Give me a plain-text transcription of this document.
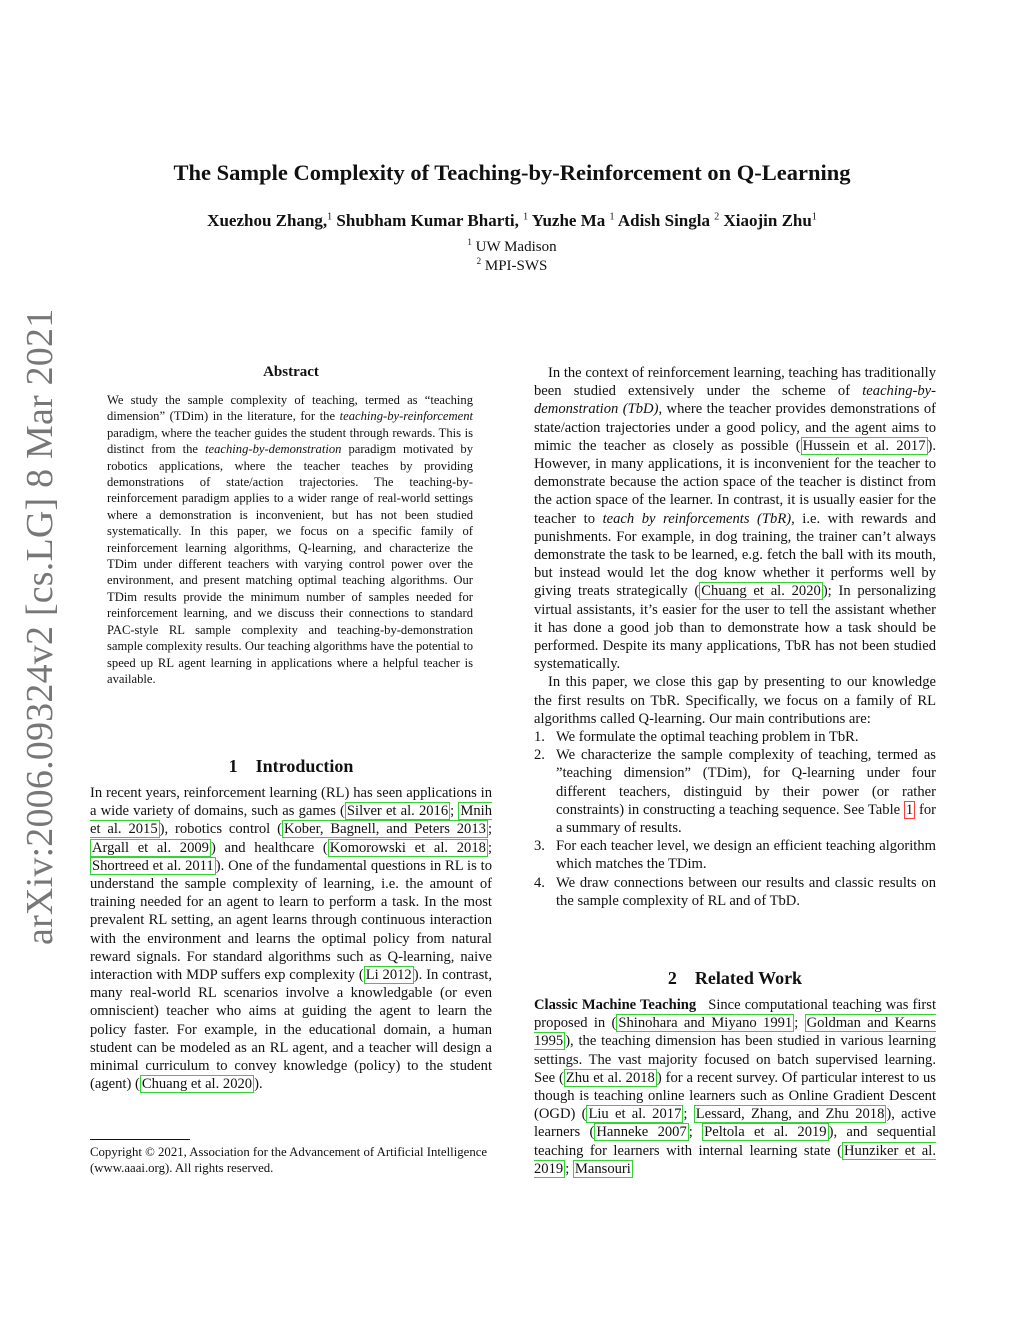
arXiv:2006.09324v2 [cs.LG] 8 Mar 2021
The Sample Complexity of Teaching-by-Reinforcement on Q-Learning
Xuezhou Zhang,$^1$ Shubham Kumar Bharti, $^1$ Yuzhe Ma $^1$ Adish Singla $^2$ Xiaojin Zhu$^1$
$^1$ UW Madison
$^2$ MPI-SWS
Abstract
We study the sample complexity of teaching, termed as “teaching dimension” (TDim) in the literature, for the teaching-by-reinforcement paradigm, where the teacher guides the student through rewards. This is distinct from the teaching-by-demonstration paradigm motivated by robotics applications, where the teacher teaches by providing demonstrations of state/action trajectories. The teaching-by-reinforcement paradigm applies to a wider range of real-world settings where a demonstration is inconvenient, but has not been studied systematically. In this paper, we focus on a specific family of reinforcement learning algorithms, Q-learning, and characterize the TDim under different teachers with varying control power over the environment, and present matching optimal teaching algorithms. Our TDim results provide the minimum number of samples needed for reinforcement learning, and we discuss their connections to standard PAC-style RL sample complexity and teaching-by-demonstration sample complexity results. Our teaching algorithms have the potential to speed up RL agent learning in applications where a helpful teacher is available.
1 Introduction

In recent years, reinforcement learning (RL) has seen applications in a wide variety of domains, such as games ( Silver et al. 2016 ; Mnih et al. 2015 ), robotics control ( Kober, Bagnell, and Peters 2013 ; Argall et al. 2009 ) and healthcare ( Komorowski et al. 2018 ; Shortreed et al. 2011 ). One of the fundamental questions in RL is to understand the sample complexity of learning, i.e. the amount of training needed for an agent to learn to perform a task. In the most prevalent RL setting, an agent learns through continuous interaction with the environment and learns the optimal policy from natural reward signals. For standard algorithms such as Q-learning, naive interaction with MDP suffers exp complexity ( Li 2012 ). In contrast, many real-world RL scenarios involve a knowledgable (or even omniscient) teacher who aims at guiding the agent to learn the policy faster. For example, in the educational domain, a human student can be modeled as an RL agent, and a teacher will design a minimal curriculum to convey knowledge (policy) to the student (agent) ( Chuang et al. 2020 ).

Copyright © 2021, Association for the Advancement of Artificial Intelligence (www.aaai.org). All rights reserved.

In the context of reinforcement learning, teaching has traditionally been studied extensively under the scheme of teaching-by-demonstration (TbD), where the teacher provides demonstrations of state/action trajectories under a good policy, and the agent aims to mimic the teacher as closely as possible ( Hussein et al. 2017 ). However, in many applications, it is inconvenient for the teacher to demonstrate because the action space of the teacher is distinct from the action space of the learner. In contrast, it is usually easier for the teacher to teach by reinforcements (TbR), i.e. with rewards and punishments. For example, in dog training, the trainer can’t always demonstrate the task to be learned, e.g. fetch the ball with its mouth, but instead would let the dog know whether it performs well by giving treats strategically ( Chuang et al. 2020 ); In personalizing virtual assistants, it’s easier for the user to tell the assistant whether it has done a good job than to demonstrate how a task should be performed. Despite its many applications, TbR has not been studied systematically.

In this paper, we close this gap by presenting to our knowledge the first results on TbR. Specifically, we focus on a family of RL algorithms called Q-learning. Our main contributions are:

1. We formulate the optimal teaching problem in TbR.
2. We characterize the sample complexity of teaching, termed as ”teaching dimension” (TDim), for Q-learning under four different teachers, distinguid by their power (or rather constraints) in constructing a teaching sequence. See Table 1 for a summary of results.
3. For each teacher level, we design an efficient teaching algorithm which matches the TDim.
4. We draw connections between our results and classic results on the sample complexity of RL and of TbD.
2 Related Work

Classic Machine Teaching Since computational teaching was first proposed in ( Shinohara and Miyano 1991 ; Goldman and Kearns 1995 ), the teaching dimension has been studied in various learning settings. The vast majority focused on batch supervised learning. See ( Zhu et al. 2018 ) for a recent survey. Of particular interest to us though is teaching online learners such as Online Gradient Descent (OGD) ( Liu et al. 2017 ; Lessard, Zhang, and Zhu 2018 ), active learners ( Hanneke 2007 ; Peltola et al. 2019 ), and sequential teaching for learners with internal learning state ( Hunziker et al. 2019 ; Mansouri
